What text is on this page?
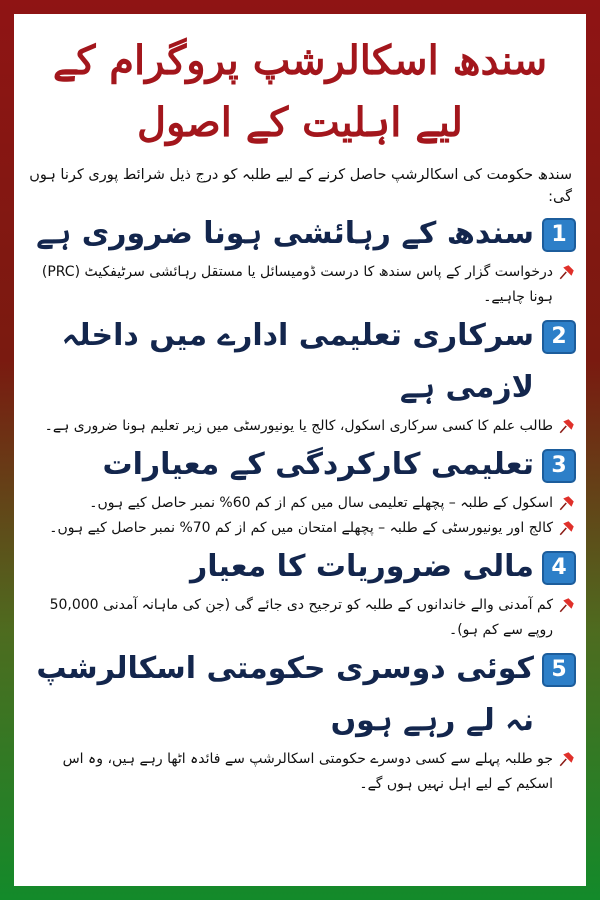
سندھ اسکالرشپ پروگرام کے لیے اہلیت کے اصول
سندھ حکومت کی اسکالرشپ حاصل کرنے کے لیے طلبہ کو درج ذیل شرائط پوری کرنا ہوں گی:
1
سندھ کے رہائشی ہونا ضروری ہے
درخواست گزار کے پاس سندھ کا درست ڈومیسائل یا مستقل رہائشی سرٹیفکیٹ (PRC) ہونا چاہیے۔
2
سرکاری تعلیمی ادارے میں داخلہ لازمی ہے
طالب علم کا کسی سرکاری اسکول، کالج یا یونیورسٹی میں زیر تعلیم ہونا ضروری ہے۔
3
تعلیمی کارکردگی کے معیارات
اسکول کے طلبہ – پچھلے تعلیمی سال میں کم از کم 60% نمبر حاصل کیے ہوں۔
کالج اور یونیورسٹی کے طلبہ – پچھلے امتحان میں کم از کم 70% نمبر حاصل کیے ہوں۔
4
مالی ضروریات کا معیار
کم آمدنی والے خاندانوں کے طلبہ کو ترجیح دی جائے گی (جن کی ماہانہ آمدنی 50,000 روپے سے کم ہو)۔
5
کوئی دوسری حکومتی اسکالرشپ نہ لے رہے ہوں
جو طلبہ پہلے سے کسی دوسرے حکومتی اسکالرشپ سے فائدہ اٹھا رہے ہیں، وہ اس اسکیم کے لیے اہل نہیں ہوں گے۔
